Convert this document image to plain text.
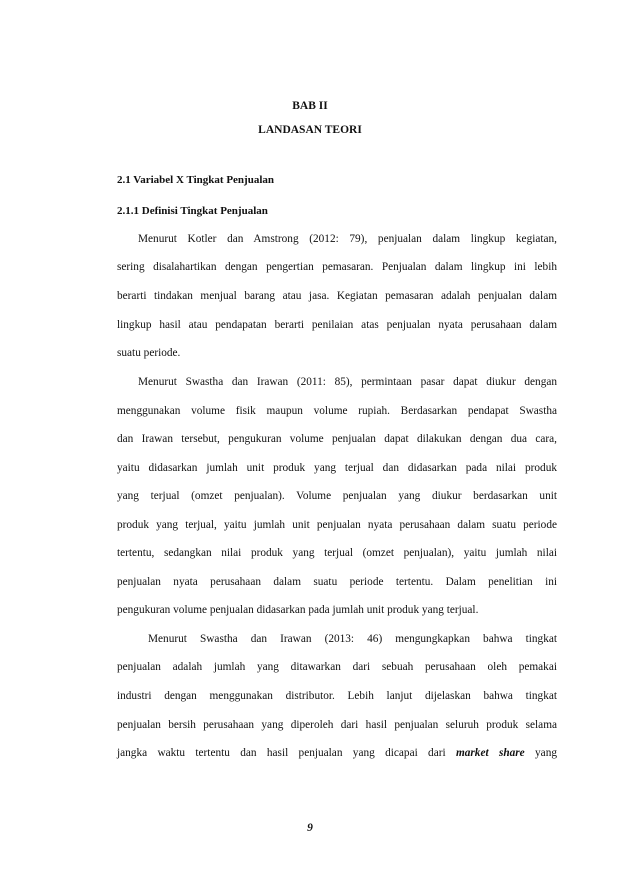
BAB II
LANDASAN TEORI
2.1 Variabel X Tingkat Penjualan
2.1.1 Definisi Tingkat Penjualan
Menurut Kotler dan Amstrong (2012: 79), penjualan dalam lingkup kegiatan,
sering disalahartikan dengan pengertian pemasaran. Penjualan dalam lingkup ini lebih
berarti tindakan menjual barang atau jasa. Kegiatan pemasaran adalah penjualan dalam
lingkup hasil atau pendapatan berarti penilaian atas penjualan nyata perusahaan dalam
suatu periode.
Menurut Swastha dan Irawan (2011: 85), permintaan pasar dapat diukur dengan
menggunakan volume fisik maupun volume rupiah. Berdasarkan pendapat Swastha
dan Irawan tersebut, pengukuran volume penjualan dapat dilakukan dengan dua cara,
yaitu didasarkan jumlah unit produk yang terjual dan didasarkan pada nilai produk
yang terjual (omzet penjualan). Volume penjualan yang diukur berdasarkan unit
produk yang terjual, yaitu jumlah unit penjualan nyata perusahaan dalam suatu periode
tertentu, sedangkan nilai produk yang terjual (omzet penjualan), yaitu jumlah nilai
penjualan nyata perusahaan dalam suatu periode tertentu. Dalam penelitian ini
pengukuran volume penjualan didasarkan pada jumlah unit produk yang terjual.
Menurut Swastha dan Irawan (2013: 46) mengungkapkan bahwa tingkat
penjualan adalah jumlah yang ditawarkan dari sebuah perusahaan oleh pemakai
industri dengan menggunakan distributor. Lebih lanjut dijelaskan bahwa tingkat
penjualan bersih perusahaan yang diperoleh dari hasil penjualan seluruh produk selama
jangka waktu tertentu dan hasil penjualan yang dicapai dari market share yang
9
